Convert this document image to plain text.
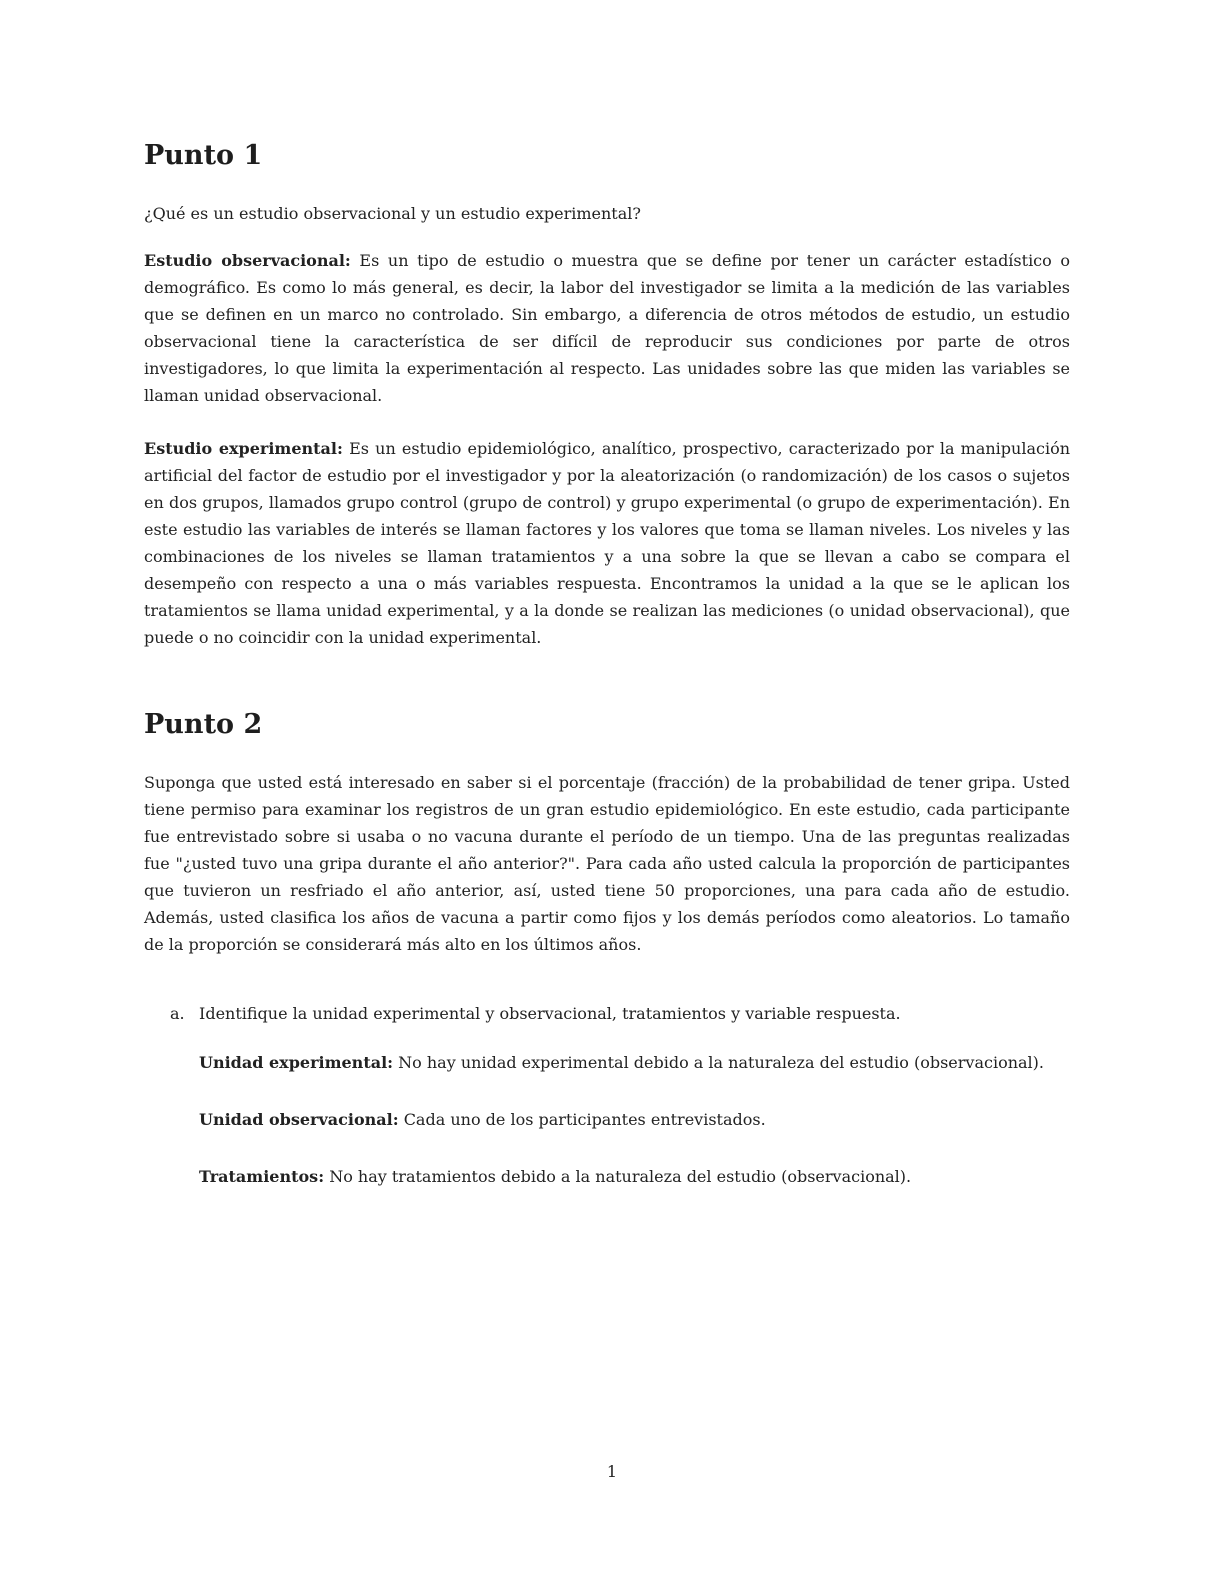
Punto 1

¿Qué es un estudio observacional y un estudio experimental?

Estudio observacional: Es un tipo de estudio o muestra que se define por tener un carácter estadístico o demográfico. Es como lo más general, es decir, la labor del investigador se limita a la medición de las variables que se definen en un marco no controlado. Sin embargo, a diferencia de otros métodos de estudio, un estudio observacional tiene la característica de ser difícil de reproducir sus condiciones por parte de otros investigadores, lo que limita la experimentación al respecto. Las unidades sobre las que miden las variables se llaman unidad observacional.

Estudio experimental: Es un estudio epidemiológico, analítico, prospectivo, caracterizado por la manipulación artificial del factor de estudio por el investigador y por la aleatorización (o randomización) de los casos o sujetos en dos grupos, llamados grupo control (grupo de control) y grupo experimental (o grupo de experimentación). En este estudio las variables de interés se llaman factores y los valores que toma se llaman niveles. Los niveles y las combinaciones de los niveles se llaman tratamientos y a una sobre la que se llevan a cabo se compara el desempeño con respecto a una o más variables respuesta. Encontramos la unidad a la que se le aplican los tratamientos se llama unidad experimental, y a la donde se realizan las mediciones (o unidad observacional), que puede o no coincidir con la unidad experimental.

Punto 2

Suponga que usted está interesado en saber si el porcentaje (fracción) de la probabilidad de tener gripa. Usted tiene permiso para examinar los registros de un gran estudio epidemiológico. En este estudio, cada participante fue entrevistado sobre si usaba o no vacuna durante el período de un tiempo. Una de las preguntas realizadas fue "¿usted tuvo una gripa durante el año anterior?". Para cada año usted calcula la proporción de participantes que tuvieron un resfriado el año anterior, así, usted tiene 50 proporciones, una para cada año de estudio. Además, usted clasifica los años de vacuna a partir como fijos y los demás períodos como aleatorios. Lo tamaño de la proporción se considerará más alto en los últimos años.

a. Identifique la unidad experimental y observacional, tratamientos y variable respuesta.

Unidad experimental: No hay unidad experimental debido a la naturaleza del estudio (observacional).

Unidad observacional: Cada uno de los participantes entrevistados.

Tratamientos: No hay tratamientos debido a la naturaleza del estudio (observacional).

1
